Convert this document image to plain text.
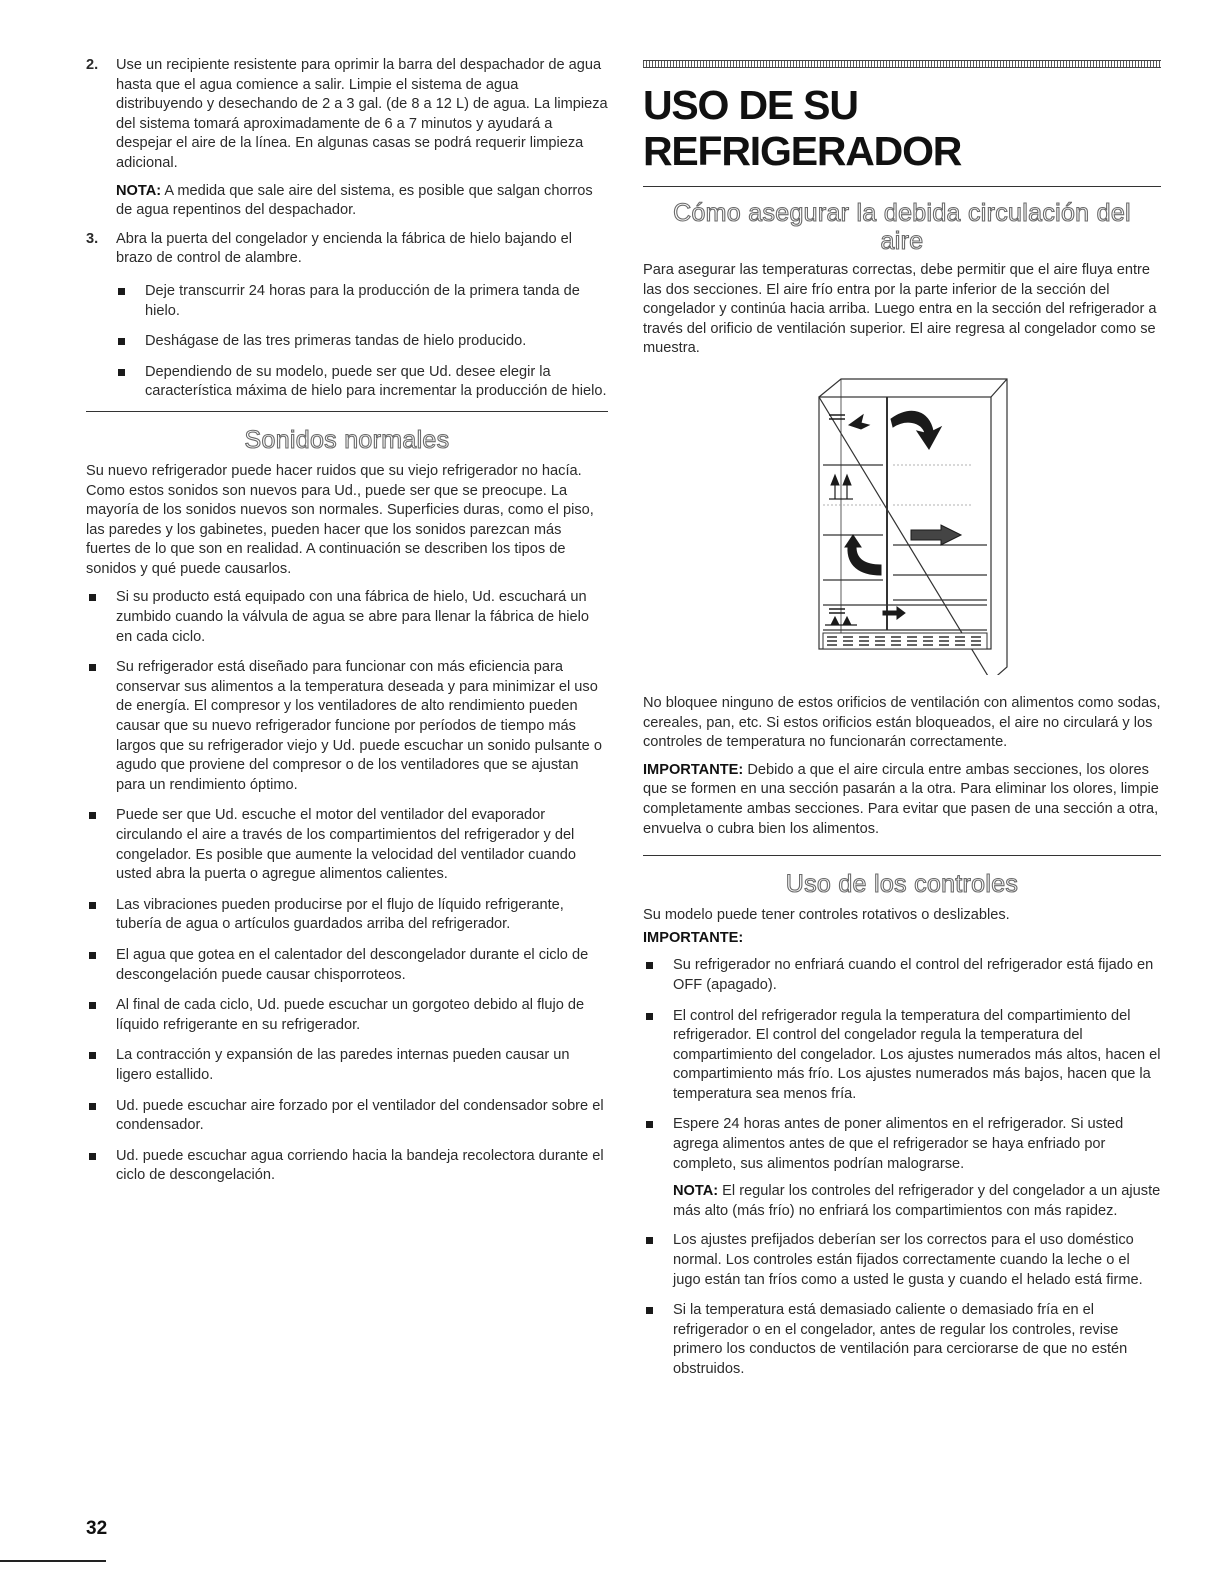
2.	Use un recipiente resistente para oprimir la barra del despachador de agua hasta que el agua comience a salir. Limpie el sistema de agua distribuyendo y desechando de 2 a 3 gal. (de 8 a 12 L) de agua. La limpieza del sistema tomará aproximadamente de 6 a 7 minutos y ayudará a despejar el aire de la línea. En algunas casas se podrá requerir limpieza adicional.

NOTA: A medida que sale aire del sistema, es posible que salgan chorros de agua repentinos del despachador.

3.	Abra la puerta del congelador y encienda la fábrica de hielo bajando el brazo de control de alambre.

Deje transcurrir 24 horas para la producción de la primera tanda de hielo.
Deshágase de las tres primeras tandas de hielo producido.
Dependiendo de su modelo, puede ser que Ud. desee elegir la característica máxima de hielo para incrementar la producción de hielo.
Sonidos normales

Su nuevo refrigerador puede hacer ruidos que su viejo refrigerador no hacía. Como estos sonidos son nuevos para Ud., puede ser que se preocupe. La mayoría de los sonidos nuevos son normales. Superficies duras, como el piso, las paredes y los gabinetes, pueden hacer que los sonidos parezcan más fuertes de lo que son en realidad. A continuación se describen los tipos de sonidos y qué puede causarlos.

Si su producto está equipado con una fábrica de hielo, Ud. escuchará un zumbido cuando la válvula de agua se abre para llenar la fábrica de hielo en cada ciclo.
Su refrigerador está diseñado para funcionar con más eficiencia para conservar sus alimentos a la temperatura deseada y para minimizar el uso de energía. El compresor y los ventiladores de alto rendimiento pueden causar que su nuevo refrigerador funcione por períodos de tiempo más largos que su refrigerador viejo y Ud. puede escuchar un sonido pulsante o agudo que proviene del compresor o de los ventiladores que se ajustan para un rendimiento óptimo.
Puede ser que Ud. escuche el motor del ventilador del evaporador circulando el aire a través de los compartimientos del refrigerador y del congelador. Es posible que aumente la velocidad del ventilador cuando usted abra la puerta o agregue alimentos calientes.
Las vibraciones pueden producirse por el flujo de líquido refrigerante, tubería de agua o artículos guardados arriba del refrigerador.
El agua que gotea en el calentador del descongelador durante el ciclo de descongelación puede causar chisporroteos.
Al final de cada ciclo, Ud. puede escuchar un gorgoteo debido al flujo de líquido refrigerante en su refrigerador.
La contracción y expansión de las paredes internas pueden causar un ligero estallido.
Ud. puede escuchar aire forzado por el ventilador del condensador sobre el condensador.
Ud. puede escuchar agua corriendo hacia la bandeja recolectora durante el ciclo de descongelación.
USO DE SU REFRIGERADOR
Cómo asegurar la debida circulación del aire

Para asegurar las temperaturas correctas, debe permitir que el aire fluya entre las dos secciones. El aire frío entra por la parte inferior de la sección del congelador y continúa hacia arriba. Luego entra en la sección del refrigerador a través del orificio de ventilación superior. El aire regresa al congelador como se muestra.

No bloquee ninguno de estos orificios de ventilación con alimentos como sodas, cereales, pan, etc. Si estos orificios están bloqueados, el aire no circulará y los controles de temperatura no funcionarán correctamente.

IMPORTANTE: Debido a que el aire circula entre ambas secciones, los olores que se formen en una sección pasarán a la otra. Para eliminar los olores, limpie completamente ambas secciones. Para evitar que pasen de una sección a otra, envuelva o cubra bien los alimentos.

Uso de los controles

Su modelo puede tener controles rotativos o deslizables.

IMPORTANTE:

Su refrigerador no enfriará cuando el control del refrigerador está fijado en OFF (apagado).
El control del refrigerador regula la temperatura del compartimiento del refrigerador. El control del congelador regula la temperatura del compartimiento del congelador. Los ajustes numerados más altos, hacen el compartimiento más frío. Los ajustes numerados más bajos, hacen que la temperatura sea menos fría.
Espere 24 horas antes de poner alimentos en el refrigerador. Si usted agrega alimentos antes de que el refrigerador se haya enfriado por completo, sus alimentos podrían malograrse.

NOTA: El regular los controles del refrigerador y del congelador a un ajuste más alto (más frío) no enfriará los compartimientos con más rapidez.

Los ajustes prefijados deberían ser los correctos para el uso doméstico normal. Los controles están fijados correctamente cuando la leche o el jugo están tan fríos como a usted le gusta y cuando el helado está firme.
Si la temperatura está demasiado caliente o demasiado fría en el refrigerador o en el congelador, antes de regular los controles, revise primero los conductos de ventilación para cerciorarse de que no estén obstruidos.
32
